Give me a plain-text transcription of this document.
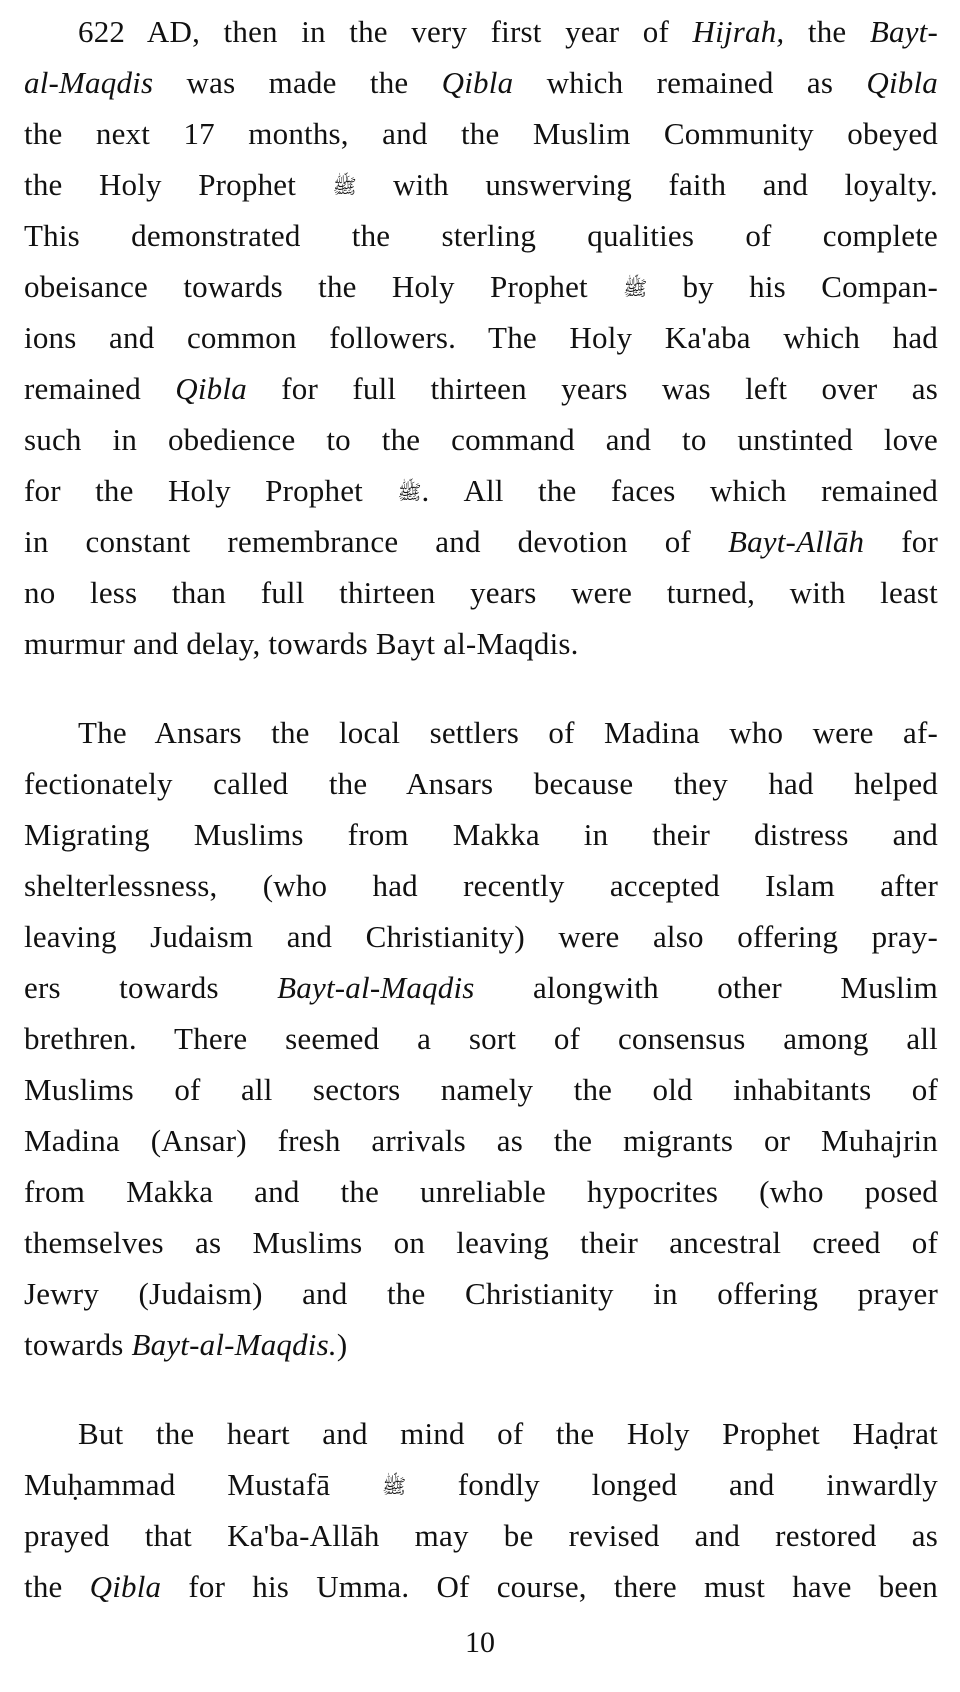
622 AD, then in the very first year of Hijrah, the Bayt-
al-Maqdis was made the Qibla which remained as Qibla
the next 17 months, and the Muslim Community obeyed
the Holy Prophet ﷺ with unswerving faith and loyalty.
This demonstrated the sterling qualities of complete
obeisance towards the Holy Prophet ﷺ by his Compan-
ions and common followers. The Holy Ka'aba which had
remained Qibla for full thirteen years was left over as
such in obedience to the command and to unstinted love
for the Holy Prophet ﷺ. All the faces which remained
in constant remembrance and devotion of Bayt-Allāh for
no less than full thirteen years were turned, with least
murmur and delay, towards Bayt al-Maqdis.
The Ansars the local settlers of Madina who were af-
fectionately called the Ansars because they had helped
Migrating Muslims from Makka in their distress and
shelterlessness, (who had recently accepted Islam after
leaving Judaism and Christianity) were also offering pray-
ers towards Bayt-al-Maqdis alongwith other Muslim
brethren. There seemed a sort of consensus among all
Muslims of all sectors namely the old inhabitants of
Madina (Ansar) fresh arrivals as the migrants or Muhajrin
from Makka and the unreliable hypocrites (who posed
themselves as Muslims on leaving their ancestral creed of
Jewry (Judaism) and the Christianity in offering prayer
towards Bayt-al-Maqdis.)
But the heart and mind of the Holy Prophet Haḍrat
Muḥammad Mustafā ﷺ fondly longed and inwardly
prayed that Ka'ba-Allāh may be revised and restored as
the Qibla for his Umma. Of course, there must have been
10
